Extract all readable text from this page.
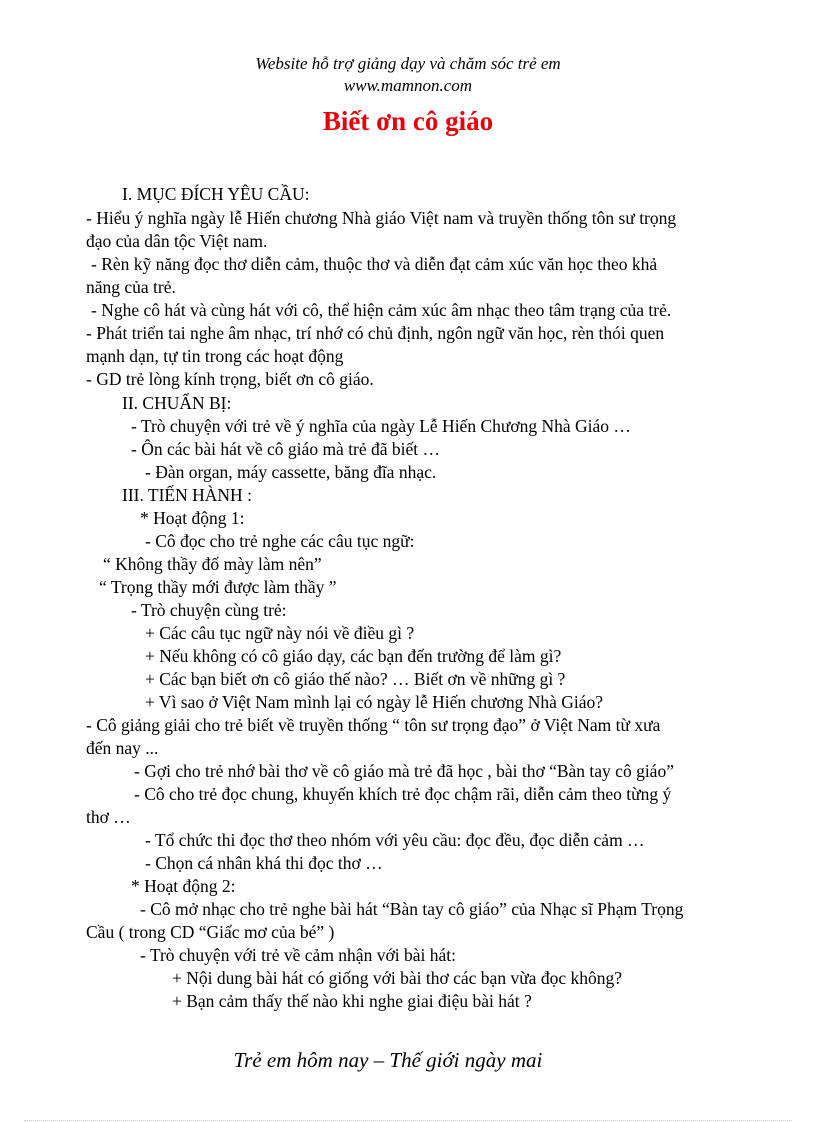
Website hỗ trợ giảng dạy và chăm sóc trẻ em
www.mamnon.com
Biết ơn cô giáo
I. MỤC ĐÍCH YÊU CẦU:
- Hiểu ý nghĩa ngày lễ Hiến chương Nhà giáo Việt nam và truyền thống tôn sư trọng
đạo của dân tộc Việt nam.
- Rèn kỹ năng đọc thơ diễn cảm, thuộc thơ và diễn đạt cảm xúc văn học theo khả
năng của trẻ.
- Nghe cô hát và cùng hát với cô, thể hiện cảm xúc âm nhạc theo tâm trạng của trẻ.
- Phát triển tai nghe âm nhạc, trí nhớ có chủ định, ngôn ngữ văn học, rèn thói quen
mạnh dạn, tự tin trong các hoạt động
- GD trẻ lòng kính trọng, biết ơn cô giáo.
II. CHUẨN BỊ:
- Trò chuyện với trẻ về ý nghĩa của ngày Lễ Hiến Chương Nhà Giáo …
- Ôn các bài hát về cô giáo mà trẻ đã biết …
- Đàn organ, máy cassette, băng đĩa nhạc.
III. TIẾN HÀNH :
* Hoạt động 1:
- Cô đọc cho trẻ nghe các câu tục ngữ:
“ Không thầy đố mày làm nên”
“ Trọng thầy mới được làm thầy ”
- Trò chuyện cùng trẻ:
+ Các câu tục ngữ này nói về điều gì ?
+ Nếu không có cô giáo dạy, các bạn đến trường để làm gì?
+ Các bạn biết ơn cô giáo thế nào? … Biết ơn về những gì ?
+ Vì sao ở Việt Nam mình lại có ngày lễ Hiến chương Nhà Giáo?
- Cô giảng giải cho trẻ biết về truyền thống “ tôn sư trọng đạo” ở Việt Nam từ xưa
đến nay ...
- Gợi cho trẻ nhớ bài thơ về cô giáo mà trẻ đã học , bài thơ “Bàn tay cô giáo”
- Cô cho trẻ đọc chung, khuyến khích trẻ đọc chậm rãi, diễn cảm theo từng ý
thơ …
- Tổ chức thi đọc thơ theo nhóm với yêu cầu: đọc đều, đọc diễn cảm …
- Chọn cá nhân khá thi đọc thơ …
* Hoạt động 2:
- Cô mở nhạc cho trẻ nghe bài hát “Bàn tay cô giáo” của Nhạc sĩ Phạm Trọng
Cầu ( trong CD “Giấc mơ của bé” )
- Trò chuyện với trẻ về cảm nhận với bài hát:
+ Nội dung bài hát có giống với bài thơ các bạn vừa đọc không?
+ Bạn cảm thấy thế nào khi nghe giai điệu bài hát ?
Trẻ em hôm nay – Thế giới ngày mai
